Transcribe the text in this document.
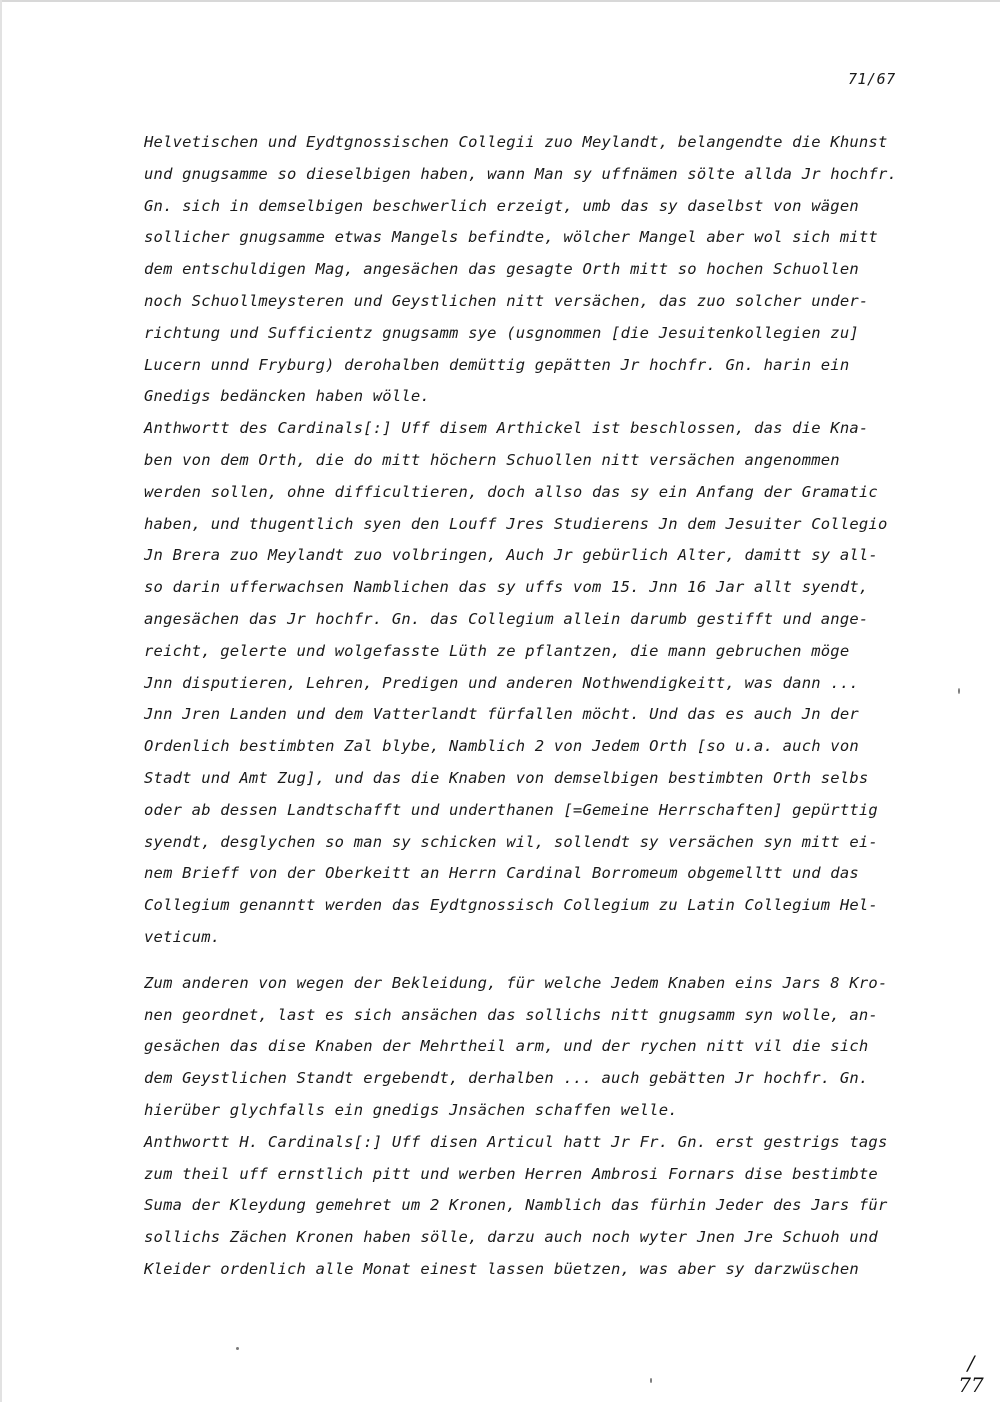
71/67
Helvetischen und Eydtgnossischen Collegii zuo Meylandt, belangendte die Khunst
und gnugsamme so dieselbigen haben, wann Man sy uffnämen sölte allda Jr hochfr.
Gn. sich in demselbigen beschwerlich erzeigt, umb das sy daselbst von wägen
sollicher gnugsamme etwas Mangels befindte, wölcher Mangel aber wol sich mitt
dem entschuldigen Mag, angesächen das gesagte Orth mitt so hochen Schuollen
noch Schuollmeysteren und Geystlichen nitt versächen, das zuo solcher under-
richtung und Sufficientz gnugsamm sye (usgnommen [die Jesuitenkollegien zu]
Lucern unnd Fryburg) derohalben demüttig gepätten Jr hochfr. Gn. harin ein
Gnedigs bedäncken haben wölle.
Anthwortt des Cardinals[:] Uff disem Arthickel ist beschlossen, das die Kna-
ben von dem Orth, die do mitt höchern Schuollen nitt versächen angenommen
werden sollen, ohne difficultieren, doch allso das sy ein Anfang der Gramatic
haben, und thugentlich syen den Louff Jres Studierens Jn dem Jesuiter Collegio
Jn Brera zuo Meylandt zuo volbringen, Auch Jr gebürlich Alter, damitt sy all-
so darin ufferwachsen Namblichen das sy uffs vom 15. Jnn 16 Jar allt syendt,
angesächen das Jr hochfr. Gn. das Collegium allein darumb gestifft und ange-
reicht, gelerte und wolgefasste Lüth ze pflantzen, die mann gebruchen möge
Jnn disputieren, Lehren, Predigen und anderen Nothwendigkeitt, was dann ...
Jnn Jren Landen und dem Vatterlandt fürfallen möcht. Und das es auch Jn der
Ordenlich bestimbten Zal blybe, Namblich 2 von Jedem Orth [so u.a. auch von
Stadt und Amt Zug], und das die Knaben von demselbigen bestimbten Orth selbs
oder ab dessen Landtschafft und underthanen [=Gemeine Herrschaften] gepürttig
syendt, desglychen so man sy schicken wil, sollendt sy versächen syn mitt ei-
nem Brieff von der Oberkeitt an Herrn Cardinal Borromeum obgemelltt und das
Collegium genanntt werden das Eydtgnossisch Collegium zu Latin Collegium Hel-
veticum.
Zum anderen von wegen der Bekleidung, für welche Jedem Knaben eins Jars 8 Kro-
nen geordnet, last es sich ansächen das sollichs nitt gnugsamm syn wolle, an-
gesächen das dise Knaben der Mehrtheil arm, und der rychen nitt vil die sich
dem Geystlichen Standt ergebendt, derhalben ... auch gebätten Jr hochfr. Gn.
hierüber glychfalls ein gnedigs Jnsächen schaffen welle.
Anthwortt H. Cardinals[:] Uff disen Articul hatt Jr Fr. Gn. erst gestrigs tags
zum theil uff ernstlich pitt und werben Herren Ambrosi Fornars dise bestimbte
Suma der Kleydung gemehret um 2 Kronen, Namblich das fürhin Jeder des Jars für
sollichs Zächen Kronen haben sölle, darzu auch noch wyter Jnen Jre Schuoh und
Kleider ordenlich alle Monat einest lassen büetzen, was aber sy darzwüschen
/
77
